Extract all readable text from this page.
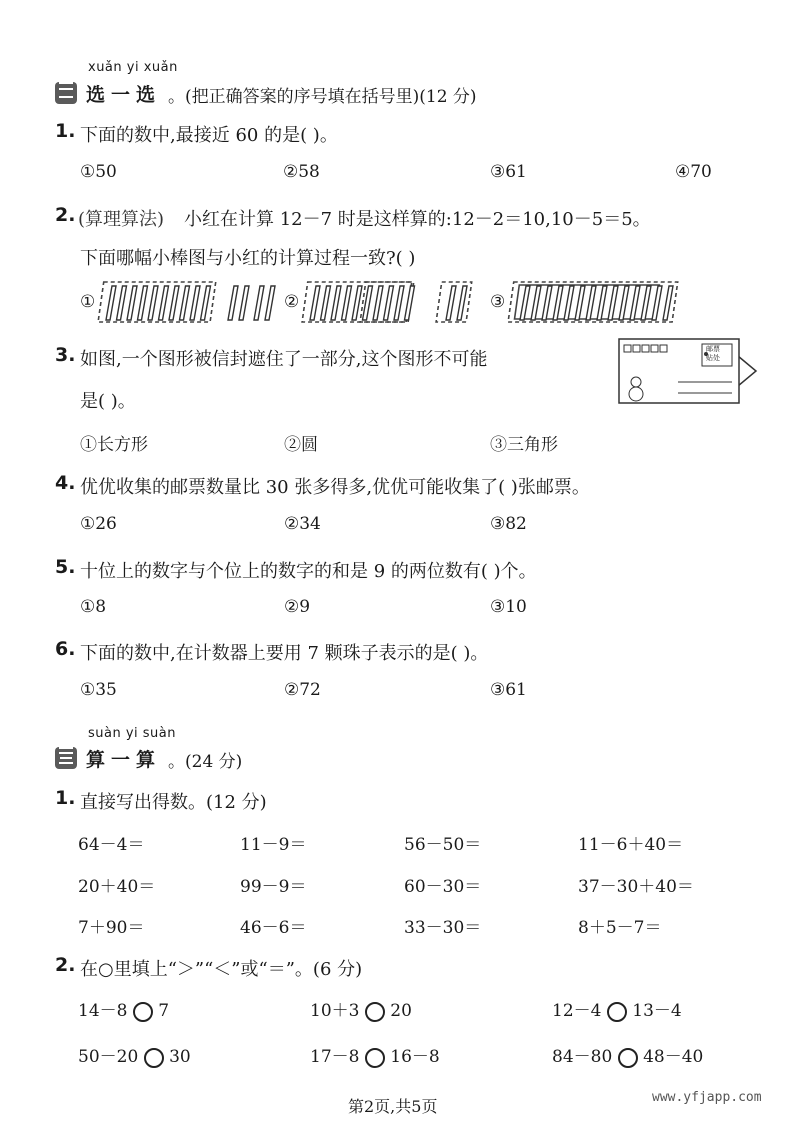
xuǎn yi xuǎn
选一选 。(把正确答案的序号填在括号里)(12 分)
1. 下面的数中,最接近 60 的是( )。
①50	②58	③61	④70
2. (算理算法) 小红在计算 12－7 时是这样算的:12－2＝10,10－5＝5。
下面哪幅小棒图与小红的计算过程一致?( )
①	②	③
3. 如图,一个图形被信封遮住了一部分,这个图形不可能
是( )。
邮票
贴处
①长方形	②圆	③三角形
4. 优优收集的邮票数量比 30 张多得多,优优可能收集了( )张邮票。
①26	②34	③82
5. 十位上的数字与个位上的数字的和是 9 的两位数有( )个。
①8	②9	③10
6. 下面的数中,在计数器上要用 7 颗珠子表示的是( )。
①35	②72	③61
suàn yi suàn
算一算 。(24 分)
1. 直接写出得数。(12 分)
64－4＝	11－9＝	56－50＝	11－6＋40＝
20＋40＝	99－9＝	60－30＝	37－30＋40＝
7＋90＝	46－6＝	33－30＝	8＋5－7＝
2. 在○里填上“＞”“＜”或“＝”。(6 分)
14－8 7	10＋3 20	12－4 13－4
50－20 30	17－8 16－8	84－80 48－40
第2页,共5页	www.yfjapp.com
